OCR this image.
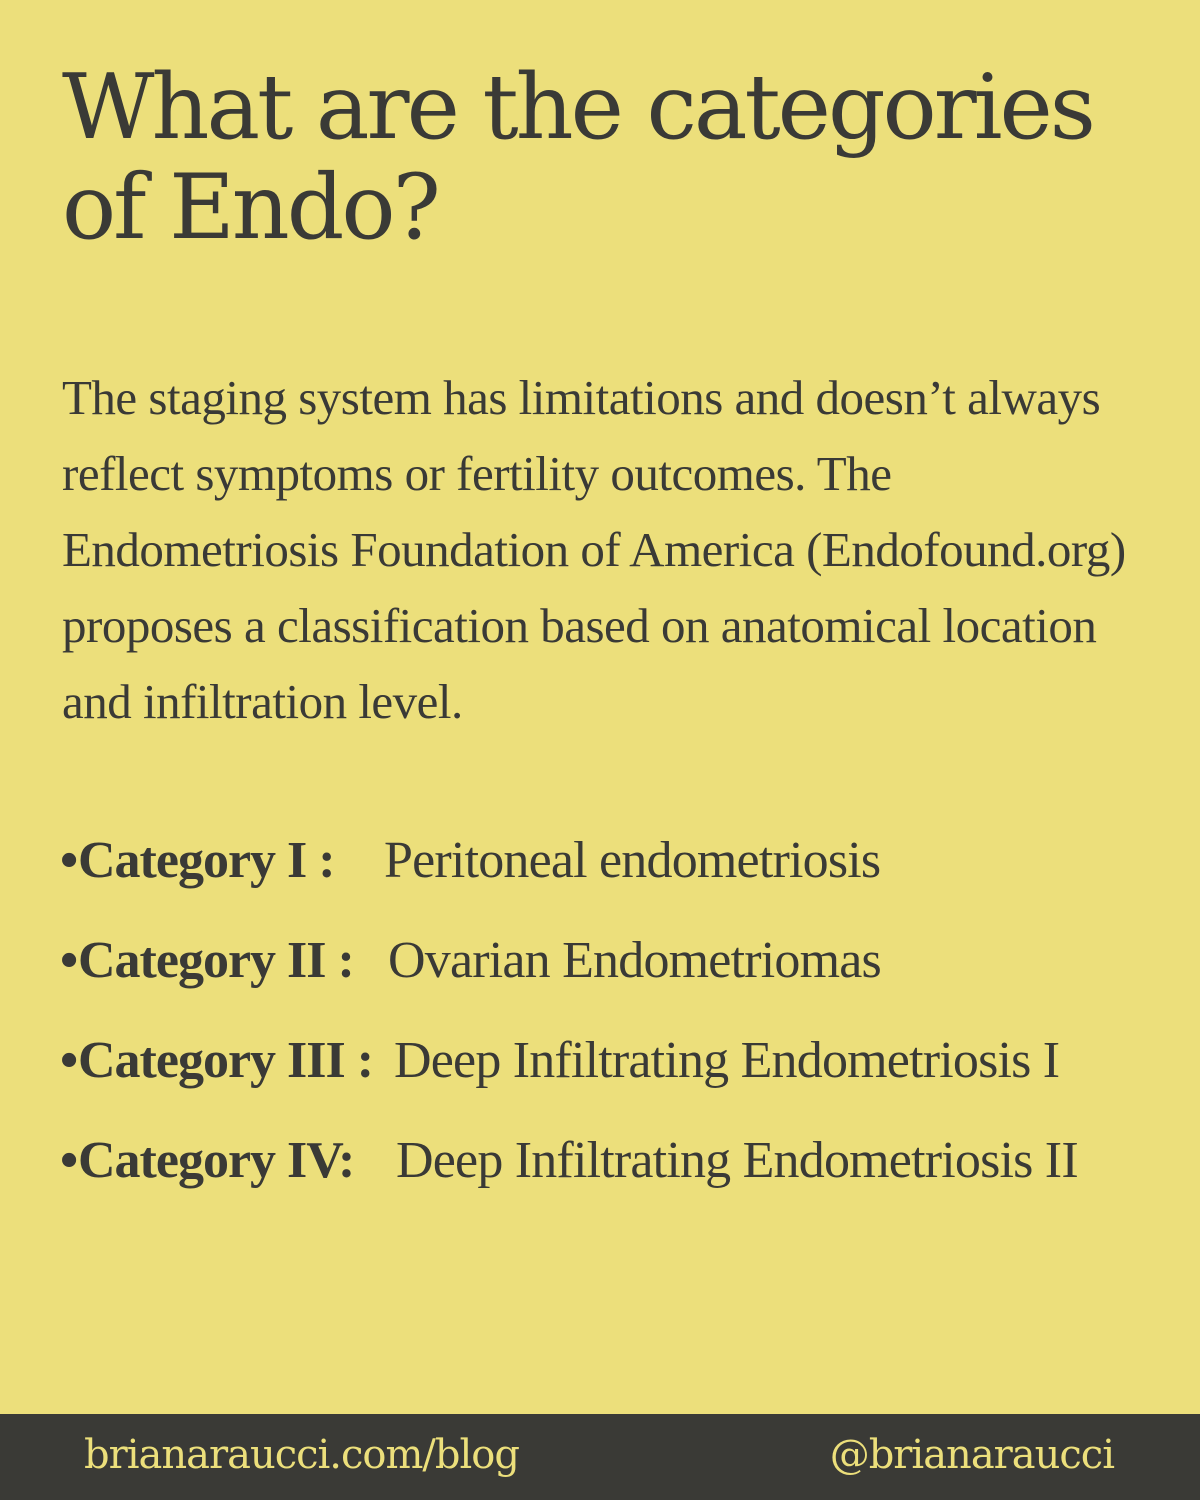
What are the categories of Endo?

The staging system has limitations and doesn’t always reflect symptoms or fertility outcomes. The Endometriosis Foundation of America (Endofound.org) proposes a classification based on anatomical location and infiltration level.

• Category I : Peritoneal endometriosis
• Category II : Ovarian Endometriomas
• Category III : Deep Infiltrating Endometriosis I
• Category IV: Deep Infiltrating Endometriosis II
brianaraucci.com/blog	@brianaraucci
